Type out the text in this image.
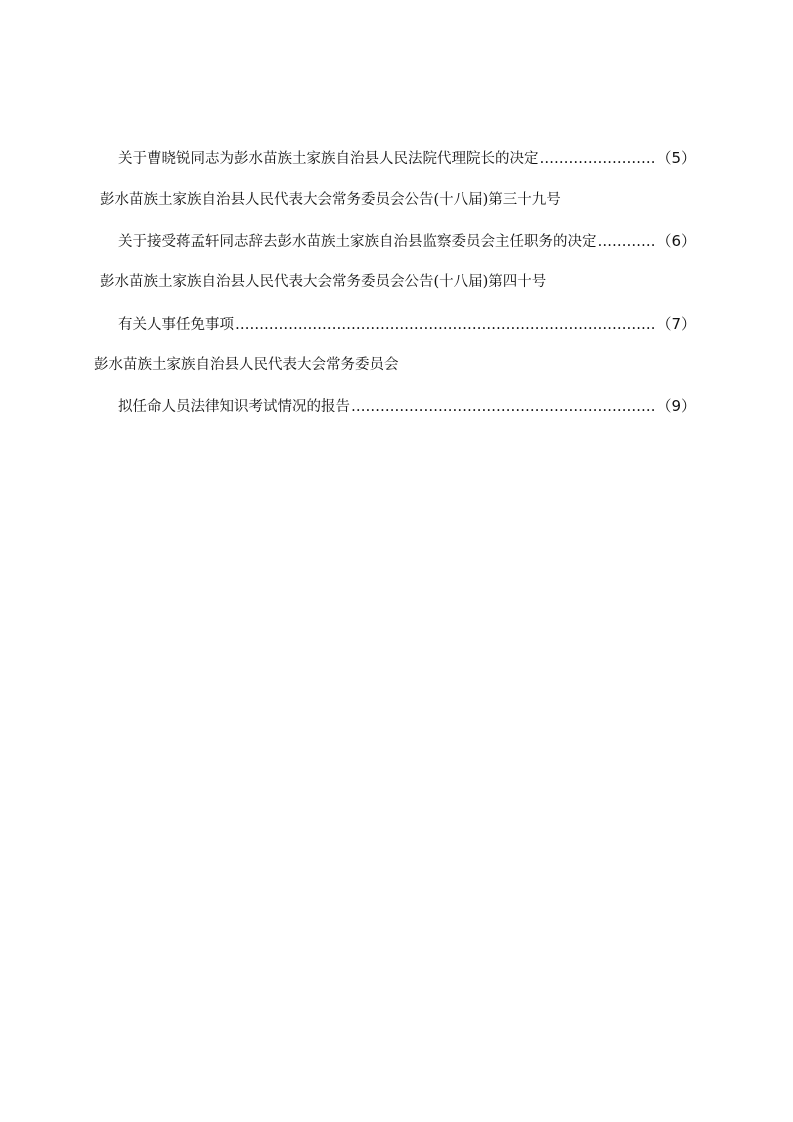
关于曹晓锐同志为彭水苗族土家族自治县人民法院代理院长的决定 ……………………………………………………………………………………………………………………………………………………………………	（5）
彭水苗族土家族自治县人民代表大会常务委员会公告(十八届)第三十九号
关于接受蒋孟轩同志辞去彭水苗族土家族自治县监察委员会主任职务的决定 ……………………………………………………………………………………………………………………………………………………………………	（6）
彭水苗族土家族自治县人民代表大会常务委员会公告(十八届)第四十号
有关人事任免事项 ……………………………………………………………………………………………………………………………………………………………………	（7）
彭水苗族土家族自治县人民代表大会常务委员会
拟任命人员法律知识考试情况的报告 ……………………………………………………………………………………………………………………………………………………………………	（9）
